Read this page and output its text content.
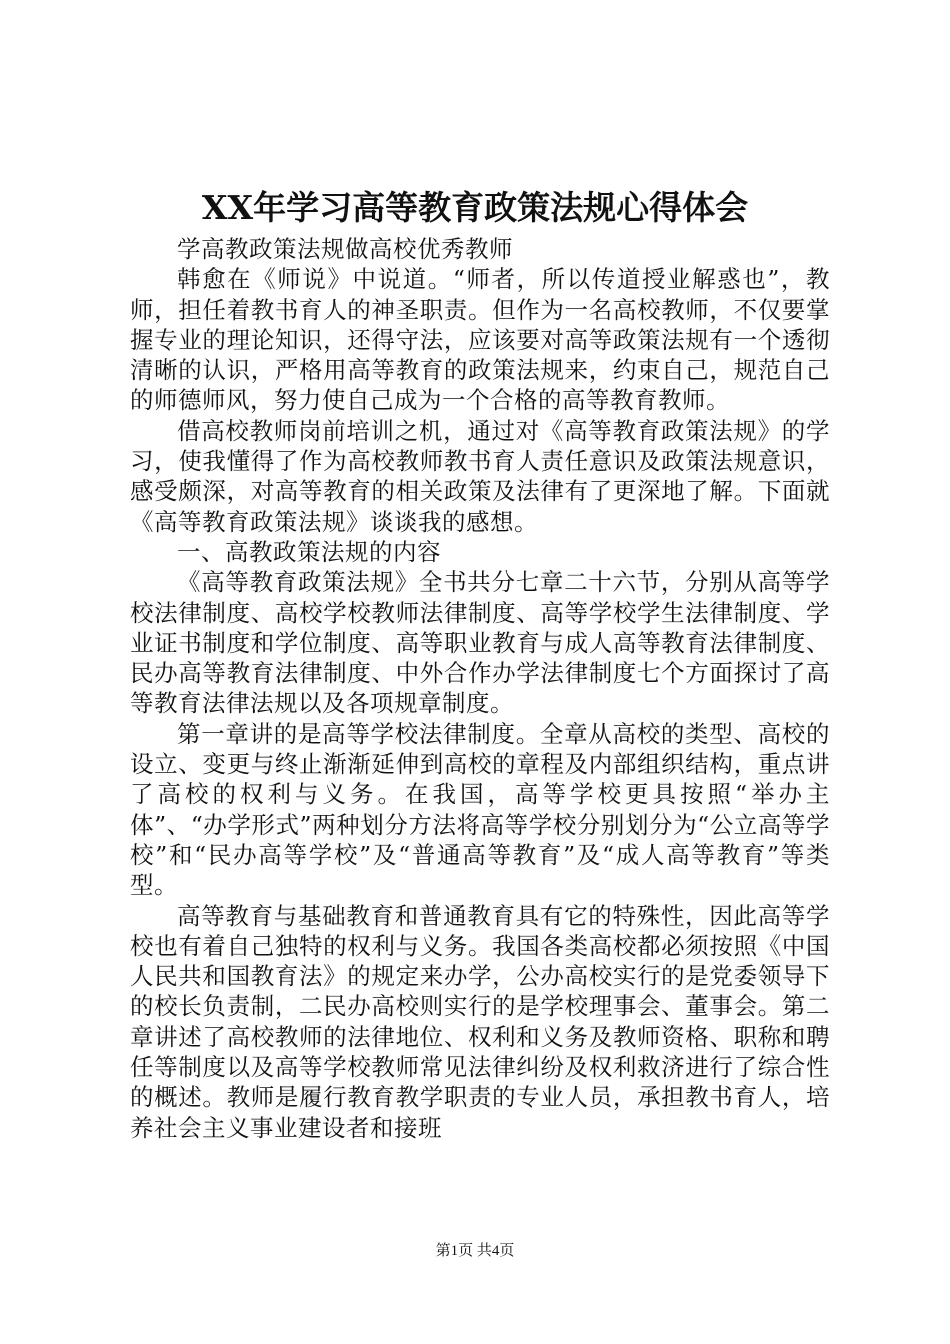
XX年学习高等教育政策法规心得体会

学高教政策法规做高校优秀教师

韩愈在《师说》中说道。“师者，所以传道授业解惑也”，教师，担任着教书育人的神圣职责。但作为一名高校教师，不仅要掌握专业的理论知识，还得守法，应该要对高等政策法规有一个透彻清晰的认识，严格用高等教育的政策法规来，约束自己，规范自己的师德师风，努力使自己成为一个合格的高等教育教师。

借高校教师岗前培训之机，通过对《高等教育政策法规》的学习，使我懂得了作为高校教师教书育人责任意识及政策法规意识，感受颇深，对高等教育的相关政策及法律有了更深地了解。下面就《高等教育政策法规》谈谈我的感想。

一、高教政策法规的内容

《高等教育政策法规》全书共分七章二十六节，分别从高等学校法律制度、高校学校教师法律制度、高等学校学生法律制度、学业证书制度和学位制度、高等职业教育与成人高等教育法律制度、民办高等教育法律制度、中外合作办学法律制度七个方面探讨了高等教育法律法规以及各项规章制度。

第一章讲的是高等学校法律制度。全章从高校的类型、高校的设立、变更与终止渐渐延伸到高校的章程及内部组织结构，重点讲了高校的权利与义务。在我国，高等学校更具按照“举办主体”、“办学形式”两种划分方法将高等学校分别划分为“公立高等学校”和“民办高等学校”及“普通高等教育”及“成人高等教育”等类型。

高等教育与基础教育和普通教育具有它的特殊性，因此高等学校也有着自己独特的权利与义务。我国各类高校都必须按照《中国人民共和国教育法》的规定来办学，公办高校实行的是党委领导下的校长负责制，二民办高校则实行的是学校理事会、董事会。第二章讲述了高校教师的法律地位、权利和义务及教师资格、职称和聘任等制度以及高等学校教师常见法律纠纷及权利救济进行了综合性的概述。教师是履行教育教学职责的专业人员，承担教书育人，培养社会主义事业建设者和接班

第1页 共4页
